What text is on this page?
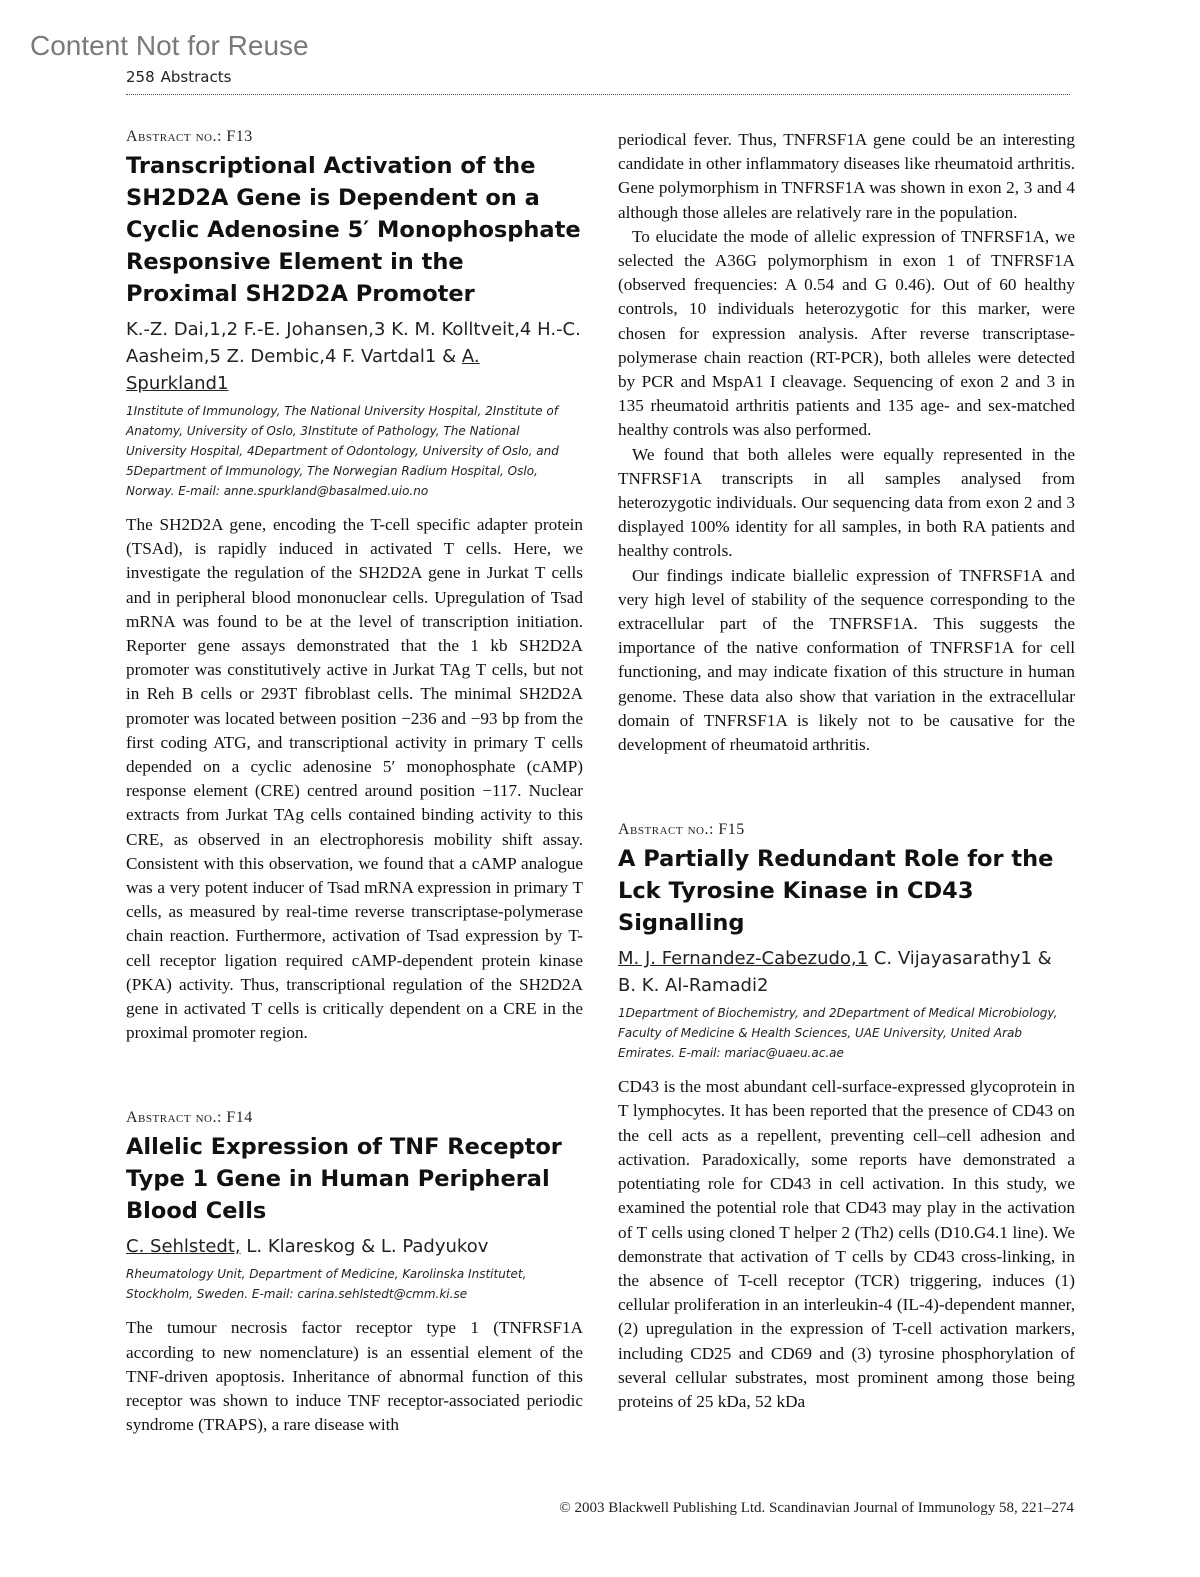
Content Not for Reuse
258 Abstracts

Abstract no.: F13

Transcriptional Activation of the SH2D2A Gene is Dependent on a Cyclic Adenosine 5′ Monophosphate Responsive Element in the Proximal SH2D2A Promoter

K.-Z. Dai,1,2 F.-E. Johansen,3 K. M. Kolltveit,4 H.-C. Aasheim,5 Z. Dembic,4 F. Vartdal1 & A. Spurkland1

1Institute of Immunology, The National University Hospital, 2Institute of Anatomy, University of Oslo, 3Institute of Pathology, The National University Hospital, 4Department of Odontology, University of Oslo, and 5Department of Immunology, The Norwegian Radium Hospital, Oslo, Norway. E-mail: anne.spurkland@basalmed.uio.no

The SH2D2A gene, encoding the T-cell specific adapter protein (TSAd), is rapidly induced in activated T cells. Here, we investigate the regulation of the SH2D2A gene in Jurkat T cells and in peripheral blood mononuclear cells. Upregulation of Tsad mRNA was found to be at the level of transcription initiation. Reporter gene assays demonstrated that the 1 kb SH2D2A promoter was constitutively active in Jurkat TAg T cells, but not in Reh B cells or 293T fibroblast cells. The minimal SH2D2A promoter was located between position −236 and −93 bp from the first coding ATG, and transcriptional activity in primary T cells depended on a cyclic adenosine 5′ monophosphate (cAMP) response element (CRE) centred around position −117. Nuclear extracts from Jurkat TAg cells contained binding activity to this CRE, as observed in an electrophoresis mobility shift assay. Consistent with this observation, we found that a cAMP analogue was a very potent inducer of Tsad mRNA expression in primary T cells, as measured by real-time reverse transcriptase-polymerase chain reaction. Furthermore, activation of Tsad expression by T-cell receptor ligation required cAMP-dependent protein kinase (PKA) activity. Thus, transcriptional regulation of the SH2D2A gene in activated T cells is critically dependent on a CRE in the proximal promoter region.

Abstract no.: F14

Allelic Expression of TNF Receptor Type 1 Gene in Human Peripheral Blood Cells

C. Sehlstedt, L. Klareskog & L. Padyukov

Rheumatology Unit, Department of Medicine, Karolinska Institutet, Stockholm, Sweden. E-mail: carina.sehlstedt@cmm.ki.se

The tumour necrosis factor receptor type 1 (TNFRSF1A according to new nomenclature) is an essential element of the TNF-driven apoptosis. Inheritance of abnormal function of this receptor was shown to induce TNF receptor-associated periodic syndrome (TRAPS), a rare disease with

periodical fever. Thus, TNFRSF1A gene could be an interesting candidate in other inflammatory diseases like rheumatoid arthritis. Gene polymorphism in TNFRSF1A was shown in exon 2, 3 and 4 although those alleles are relatively rare in the population.

To elucidate the mode of allelic expression of TNFRSF1A, we selected the A36G polymorphism in exon 1 of TNFRSF1A (observed frequencies: A 0.54 and G 0.46). Out of 60 healthy controls, 10 individuals heterozygotic for this marker, were chosen for expression analysis. After reverse transcriptase-polymerase chain reaction (RT-PCR), both alleles were detected by PCR and MspA1 I cleavage. Sequencing of exon 2 and 3 in 135 rheumatoid arthritis patients and 135 age- and sex-matched healthy controls was also performed.

We found that both alleles were equally represented in the TNFRSF1A transcripts in all samples analysed from heterozygotic individuals. Our sequencing data from exon 2 and 3 displayed 100% identity for all samples, in both RA patients and healthy controls.

Our findings indicate biallelic expression of TNFRSF1A and very high level of stability of the sequence corresponding to the extracellular part of the TNFRSF1A. This suggests the importance of the native conformation of TNFRSF1A for cell functioning, and may indicate fixation of this structure in human genome. These data also show that variation in the extracellular domain of TNFRSF1A is likely not to be causative for the development of rheumatoid arthritis.

Abstract no.: F15

A Partially Redundant Role for the Lck Tyrosine Kinase in CD43 Signalling

M. J. Fernandez-Cabezudo,1 C. Vijayasarathy1 & B. K. Al-Ramadi2

1Department of Biochemistry, and 2Department of Medical Microbiology, Faculty of Medicine & Health Sciences, UAE University, United Arab Emirates. E-mail: mariac@uaeu.ac.ae

CD43 is the most abundant cell-surface-expressed glycoprotein in T lymphocytes. It has been reported that the presence of CD43 on the cell acts as a repellent, preventing cell–cell adhesion and activation. Paradoxically, some reports have demonstrated a potentiating role for CD43 in cell activation. In this study, we examined the potential role that CD43 may play in the activation of T cells using cloned T helper 2 (Th2) cells (D10.G4.1 line). We demonstrate that activation of T cells by CD43 cross-linking, in the absence of T-cell receptor (TCR) triggering, induces (1) cellular proliferation in an interleukin-4 (IL-4)-dependent manner, (2) upregulation in the expression of T-cell activation markers, including CD25 and CD69 and (3) tyrosine phosphorylation of several cellular substrates, most prominent among those being proteins of 25 kDa, 52 kDa

© 2003 Blackwell Publishing Ltd. Scandinavian Journal of Immunology 58, 221–274
